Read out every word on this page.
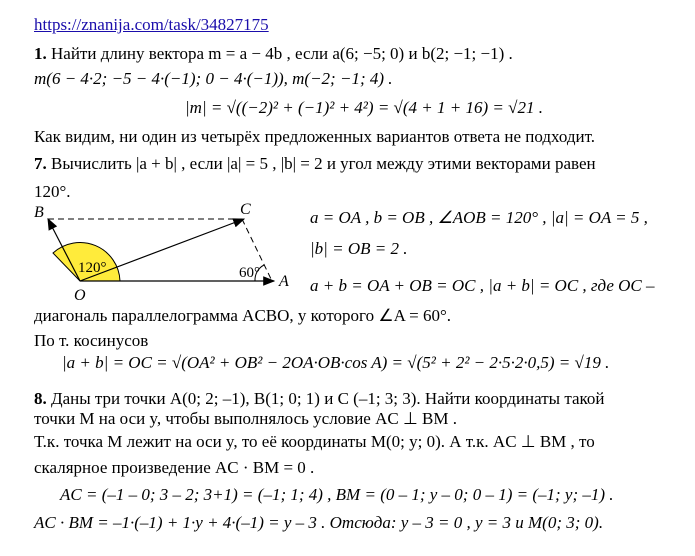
https://znanija.com/task/34827175
1. Найти длину вектора m = a − 4b , если a(6; −5; 0) и b(2; −1; −1) .
m(6 − 4·2; −5 − 4·(−1); 0 − 4·(−1)), m(−2; −1; 4) .
|m| = √((−2)² + (−1)² + 4²) = √(4 + 1 + 16) = √21 .
Как видим, ни один из четырёх предложенных вариантов ответа не подходит.
7. Вычислить |a + b| , если |a| = 5 , |b| = 2 и угол между этими векторами равен
120°.
B	C
O
A
120°	60°
a = OA , b = OB , ∠AOB = 120° , |a| = OA = 5 ,
|b| = OB = 2 .
a + b = OA + OB = OC , |a + b| = OC , где OC –
диагональ параллелограмма ACBO, у которого ∠A = 60°.
По т. косинусов
|a + b| = OC = √(OA² + OB² − 2OA·OB·cos A) = √(5² + 2² − 2·5·2·0,5) = √19 .
8. Даны три точки A(0; 2; –1), B(1; 0; 1) и C (–1; 3; 3). Найти координаты такой
точки M на оси y, чтобы выполнялось условие AC ⊥ BM .
Т.к. точка M лежит на оси y, то её координаты M(0; y; 0). А т.к. AC ⊥ BM , то
скалярное произведение AC · BM = 0 .
AC = (–1 – 0; 3 – 2; 3+1) = (–1; 1; 4) , BM = (0 – 1; y – 0; 0 – 1) = (–1; y; –1) .
AC · BM = –1·(–1) + 1·y + 4·(–1) = y – 3 . Отсюда: y – 3 = 0 , y = 3 и M(0; 3; 0).
